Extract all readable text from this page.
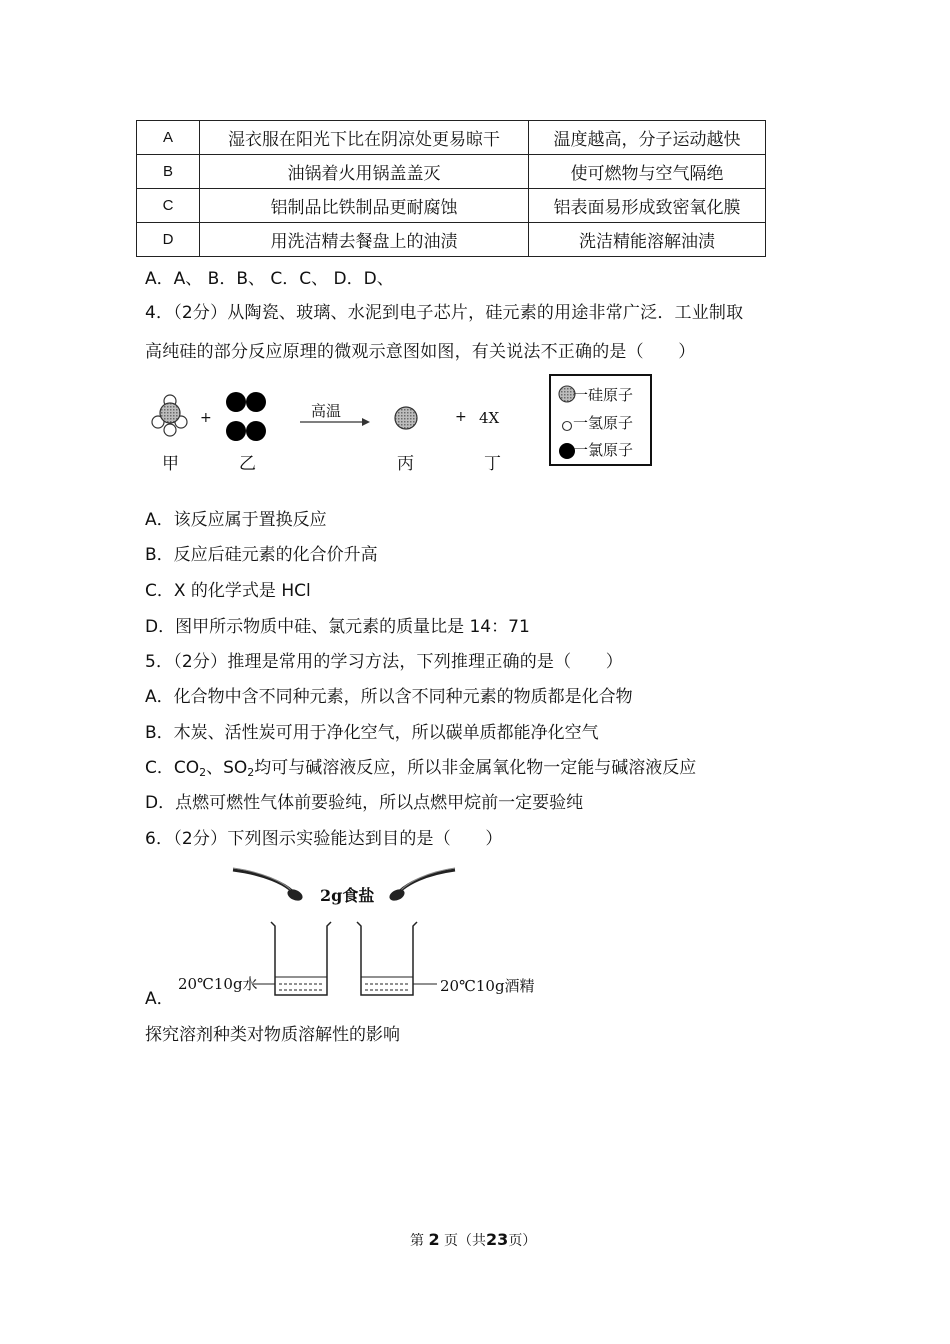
A	湿衣服在阳光下比在阴凉处更易晾干	温度越高，分子运动越快
B	油锅着火用锅盖盖灭	使可燃物与空气隔绝
C	铝制品比铁制品更耐腐蚀	铝表面易形成致密氧化膜
D	用洗洁精去餐盘上的油渍	洗洁精能溶解油渍
A．A、 B．B、 C．C、 D．D、
4．（2分）从陶瓷、玻璃、水泥到电子芯片，硅元素的用途非常广泛．工业制取
高纯硅的部分反应原理的微观示意图如图，有关说法不正确的是（　　）
+	高温	+ 4X
甲	乙	丙	丁
一硅原子
一氢原子
一氯原子
A．该反应属于置换反应
B．反应后硅元素的化合价升高
C．X 的化学式是 HCl
D．图甲所示物质中硅、氯元素的质量比是 14：71
5．（2分）推理是常用的学习方法，下列推理正确的是（　　）
A．化合物中含不同种元素，所以含不同种元素的物质都是化合物
B．木炭、活性炭可用于净化空气，所以碳单质都能净化空气
C．$CO_2$、$SO_2$均可与碱溶液反应，所以非金属氧化物一定能与碱溶液反应
D．点燃可燃性气体前要验纯，所以点燃甲烷前一定要验纯
6．（2分）下列图示实验能达到目的是（　　）
2g食盐
A．
20℃10g水	20℃10g酒精
探究溶剂种类对物质溶解性的影响
第 2 页（共23页）
